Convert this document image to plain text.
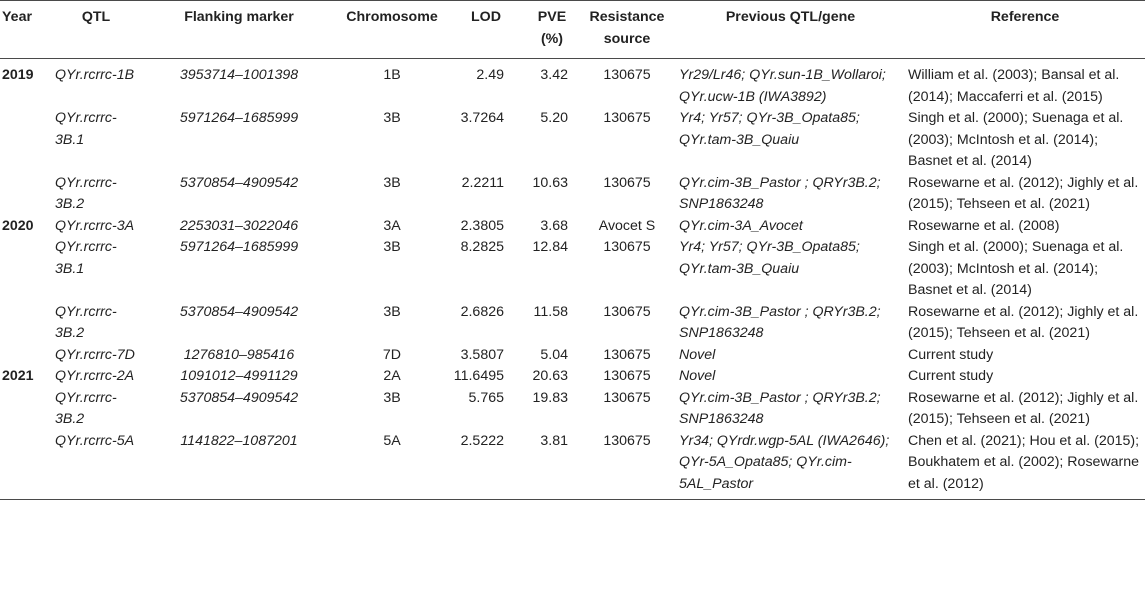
Year	QTL	Flanking marker	Chromosome	LOD	PVE (%)	Resistance source	Previous QTL/gene	Reference
2019	QYr.rcrrc-1B	3953714–1001398	1B	2.49	3.42	130675	Yr29/Lr46; QYr.sun-1B_Wollaroi; QYr.ucw-1B (IWA3892)	William et al. (2003); Bansal et al. (2014); Maccaferri et al. (2015)
	QYr.rcrrc-3B.1	5971264–1685999	3B	3.7264	5.20	130675	Yr4; Yr57; QYr-3B_Opata85; QYr.tam-3B_Quaiu	Singh et al. (2000); Suenaga et al. (2003); McIntosh et al. (2014); Basnet et al. (2014)
	QYr.rcrrc-3B.2	5370854–4909542	3B	2.2211	10.63	130675	QYr.cim-3B_Pastor ; QRYr3B.2; SNP1863248	Rosewarne et al. (2012); Jighly et al. (2015); Tehseen et al. (2021)
2020	QYr.rcrrc-3A	2253031–3022046	3A	2.3805	3.68	Avocet S	QYr.cim-3A_Avocet	Rosewarne et al. (2008)
	QYr.rcrrc-3B.1	5971264–1685999	3B	8.2825	12.84	130675	Yr4; Yr57; QYr-3B_Opata85; QYr.tam-3B_Quaiu	Singh et al. (2000); Suenaga et al. (2003); McIntosh et al. (2014); Basnet et al. (2014)
	QYr.rcrrc-3B.2	5370854–4909542	3B	2.6826	11.58	130675	QYr.cim-3B_Pastor ; QRYr3B.2; SNP1863248	Rosewarne et al. (2012); Jighly et al. (2015); Tehseen et al. (2021)
	QYr.rcrrc-7D	1276810–985416	7D	3.5807	5.04	130675	Novel	Current study
2021	QYr.rcrrc-2A	1091012–4991129	2A	11.6495	20.63	130675	Novel	Current study
	QYr.rcrrc-3B.2	5370854–4909542	3B	5.765	19.83	130675	QYr.cim-3B_Pastor ; QRYr3B.2; SNP1863248	Rosewarne et al. (2012); Jighly et al. (2015); Tehseen et al. (2021)
	QYr.rcrrc-5A	1141822–1087201	5A	2.5222	3.81	130675	Yr34; QYrdr.wgp-5AL (IWA2646); QYr-5A_Opata85; QYr.cim-5AL_Pastor	Chen et al. (2021); Hou et al. (2015); Boukhatem et al. (2002); Rosewarne et al. (2012)
